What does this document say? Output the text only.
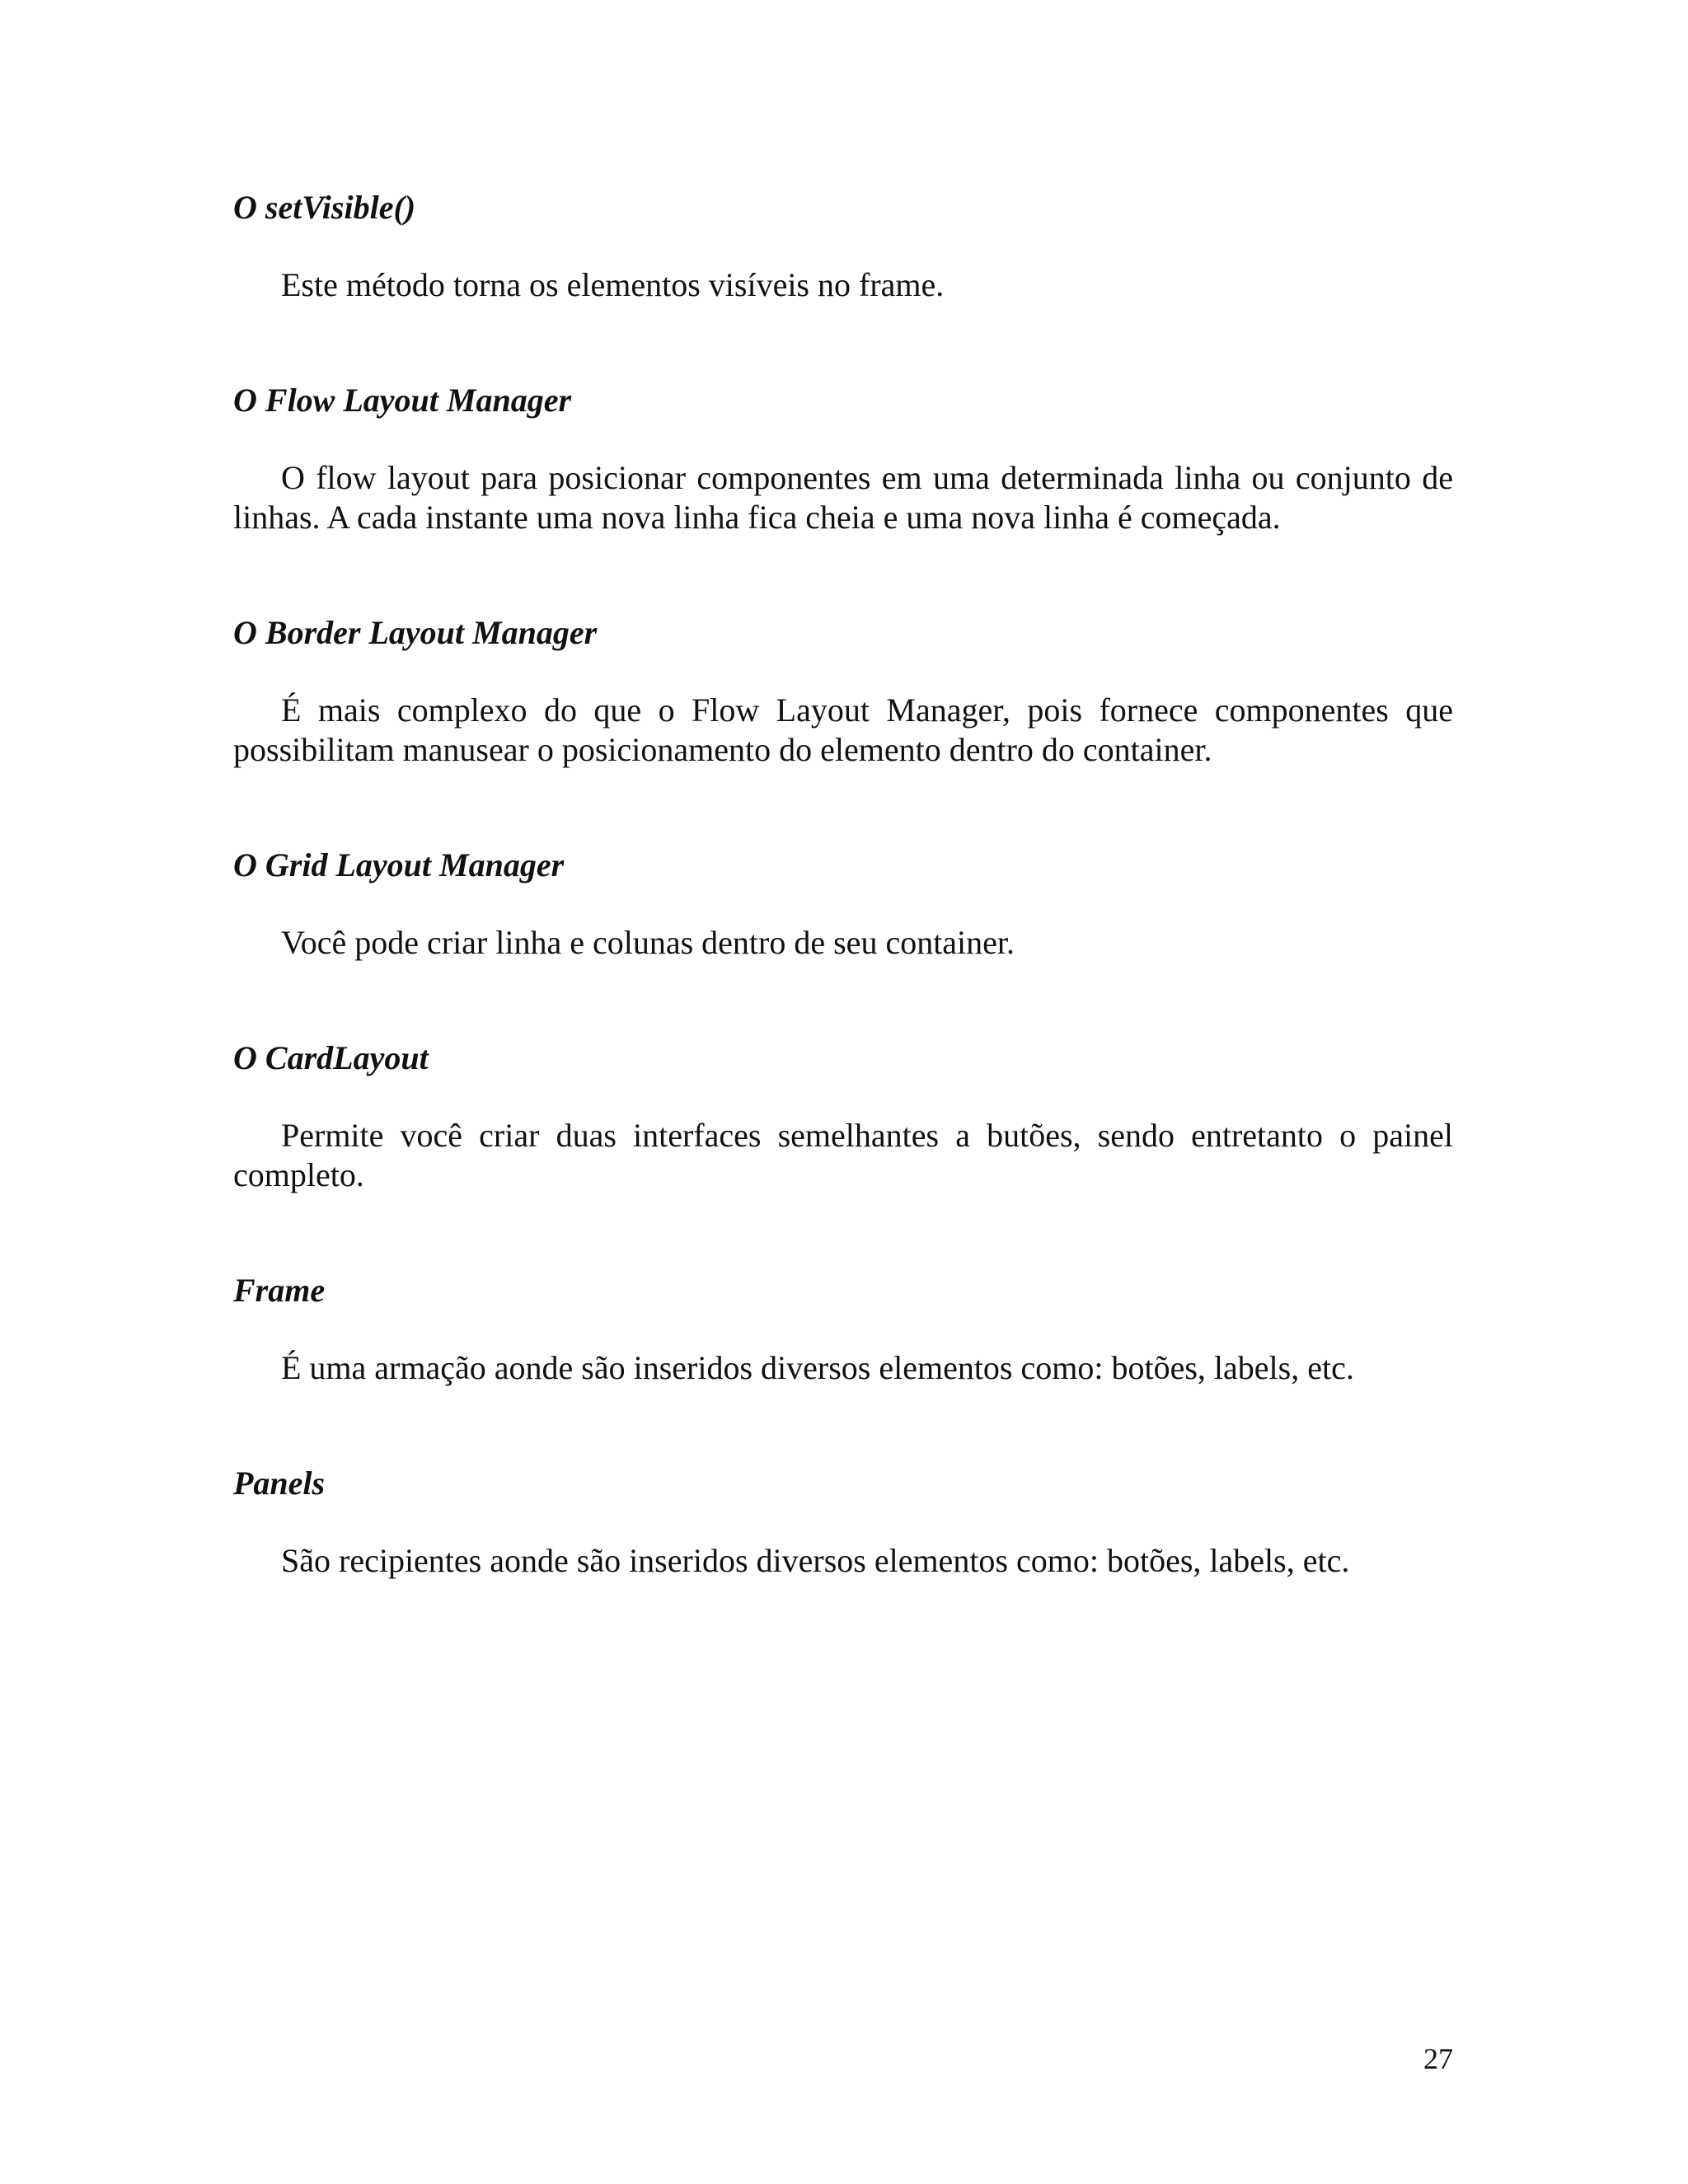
O setVisible()

Este método torna os elementos visíveis no frame.

O Flow Layout Manager

O flow layout para posicionar componentes em uma determinada linha ou conjunto de linhas. A cada instante uma nova linha fica cheia e uma nova linha é começada.

O Border Layout Manager

É mais complexo do que o Flow Layout Manager, pois fornece componentes que possibilitam manusear o posicionamento do elemento dentro do container.

O Grid Layout Manager

Você pode criar linha e colunas dentro de seu container.

O CardLayout

Permite você criar duas interfaces semelhantes a butões, sendo entretanto o painel completo.

Frame

É uma armação aonde são inseridos diversos elementos como: botões, labels, etc.

Panels

São recipientes aonde são inseridos diversos elementos como: botões, labels, etc.

27
